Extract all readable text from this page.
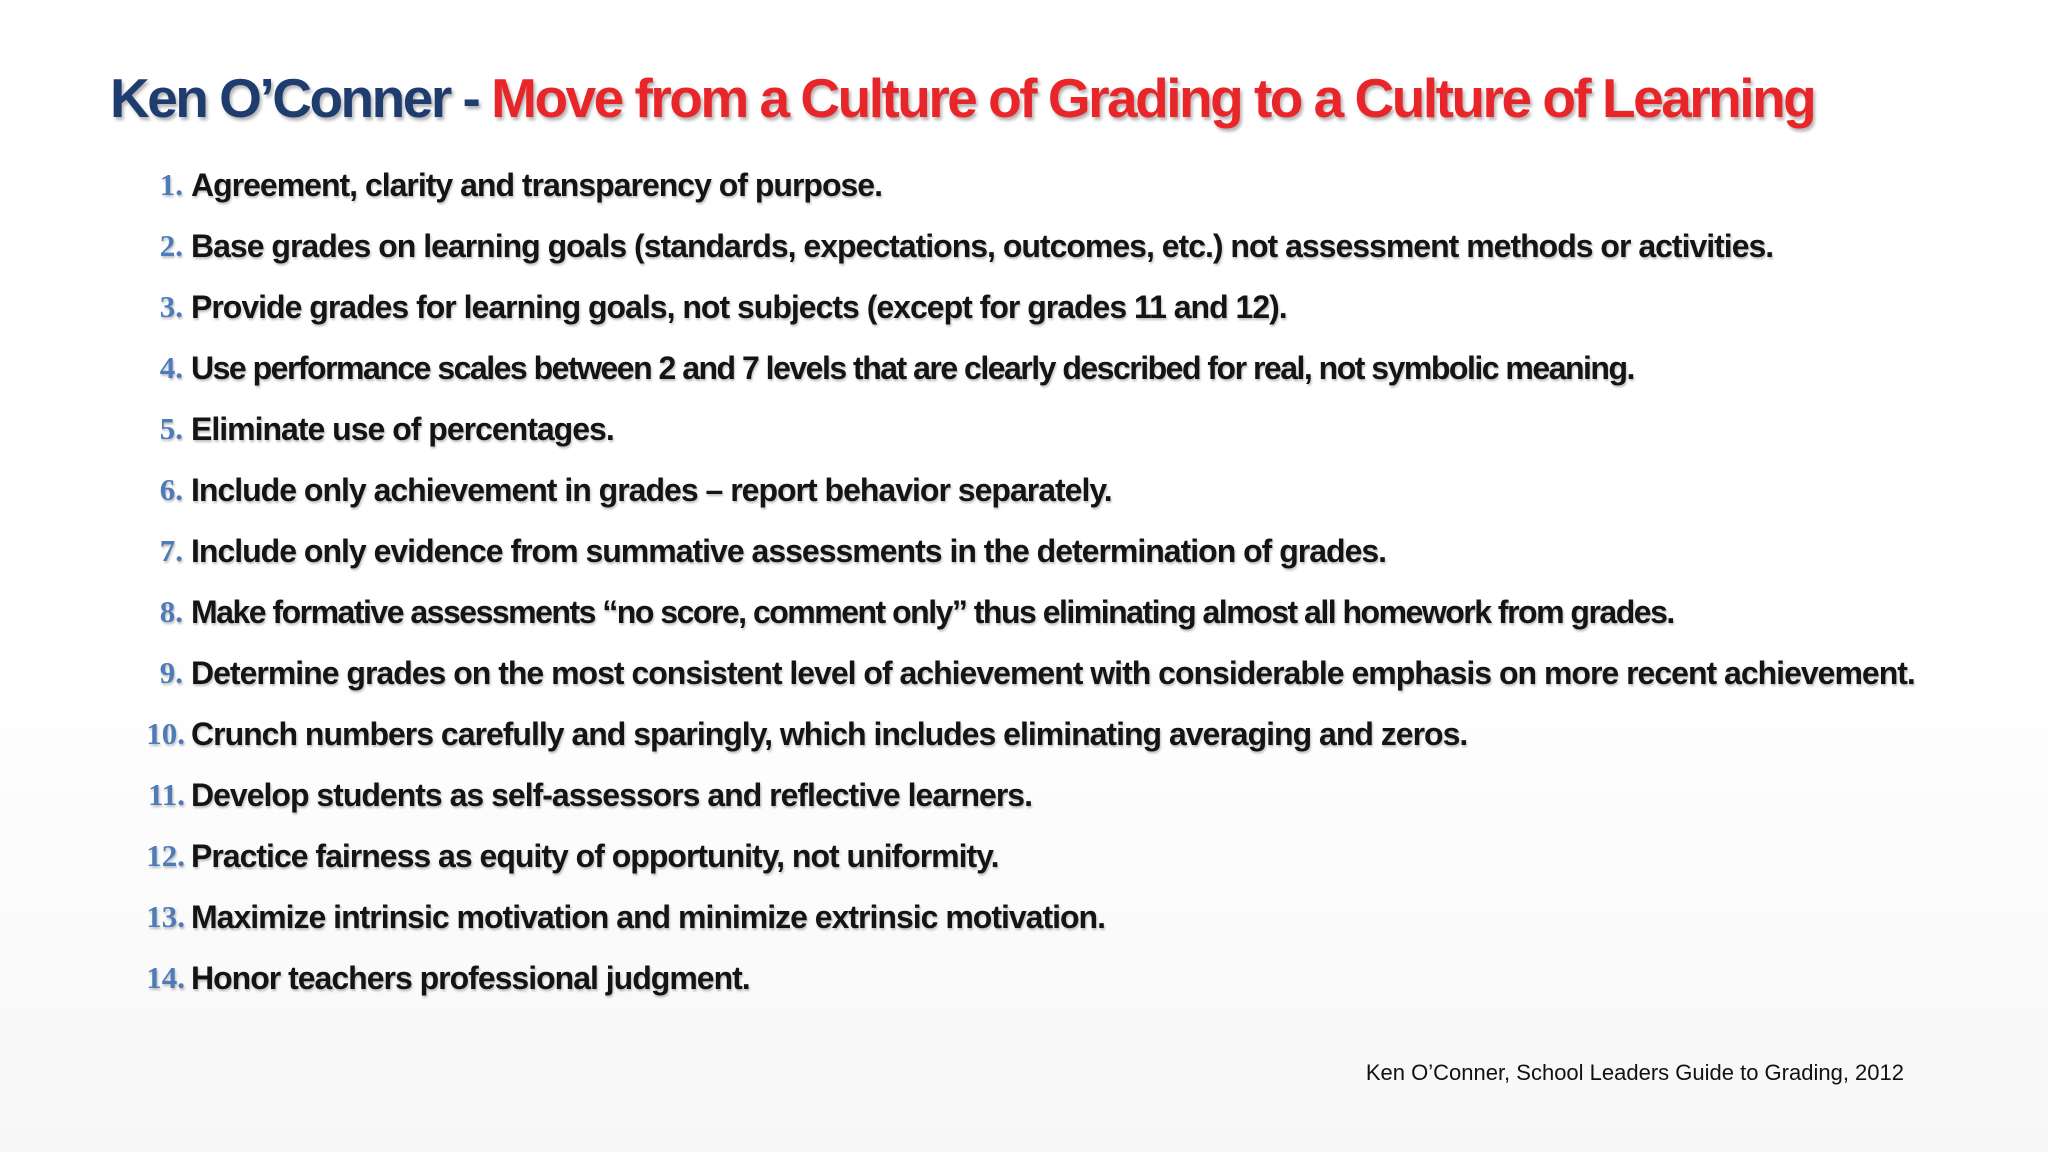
Ken O’Conner - Move from a Culture of Grading to a Culture of Learning
1. Agreement, clarity and transparency of purpose.
2. Base grades on learning goals (standards, expectations, outcomes, etc.) not assessment methods or activities.
3. Provide grades for learning goals, not subjects (except for grades 11 and 12).
4. Use performance scales between 2 and 7 levels that are clearly described for real, not symbolic meaning.
5. Eliminate use of percentages.
6. Include only achievement in grades – report behavior separately.
7. Include only evidence from summative assessments in the determination of grades.
8. Make formative assessments “no score, comment only” thus eliminating almost all homework from grades.
9. Determine grades on the most consistent level of achievement with considerable emphasis on more recent achievement.
10. Crunch numbers carefully and sparingly, which includes eliminating averaging and zeros.
11. Develop students as self-assessors and reflective learners.
12. Practice fairness as equity of opportunity, not uniformity.
13. Maximize intrinsic motivation and minimize extrinsic motivation.
14. Honor teachers professional judgment.

Ken O’Conner, School Leaders Guide to Grading, 2012
